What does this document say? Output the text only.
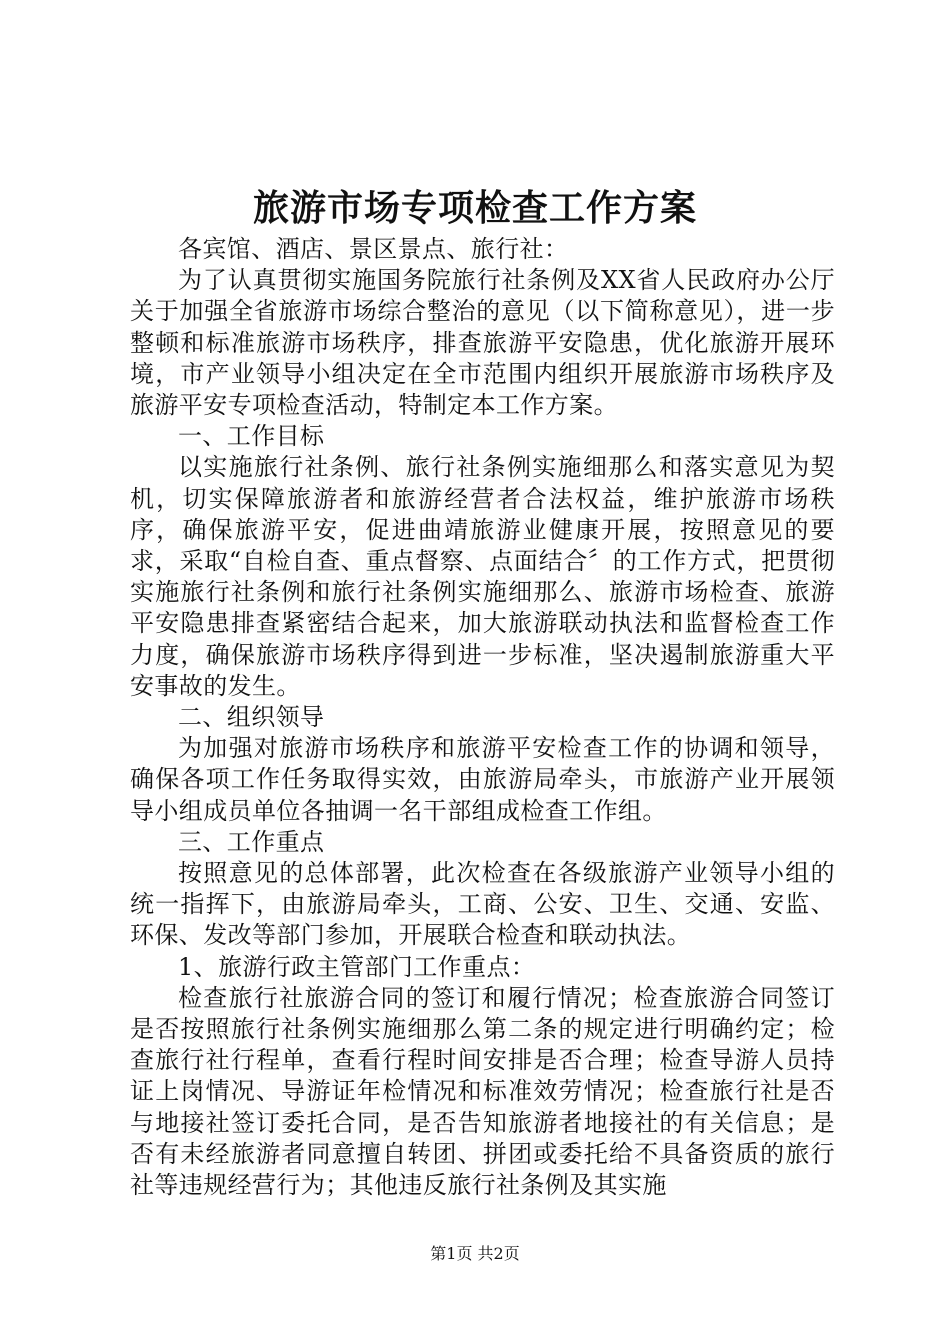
旅游市场专项检查工作方案

各宾馆、酒店、景区景点、旅行社：

为了认真贯彻实施国务院旅行社条例及XX省人民政府办公厅关于加强全省旅游市场综合整治的意见（以下简称意见），进一步整顿和标准旅游市场秩序，排查旅游平安隐患，优化旅游开展环境，市产业领导小组决定在全市范围内组织开展旅游市场秩序及旅游平安专项检查活动，特制定本工作方案。

一、工作目标

以实施旅行社条例、旅行社条例实施细那么和落实意见为契机，切实保障旅游者和旅游经营者合法权益，维护旅游市场秩序，确保旅游平安，促进曲靖旅游业健康开展，按照意见的要求，采取“自检自查、重点督察、点面结合〞的工作方式，把贯彻实施旅行社条例和旅行社条例实施细那么、旅游市场检查、旅游平安隐患排查紧密结合起来，加大旅游联动执法和监督检查工作力度，确保旅游市场秩序得到进一步标准，坚决遏制旅游重大平安事故的发生。

二、组织领导

为加强对旅游市场秩序和旅游平安检查工作的协调和领导，确保各项工作任务取得实效，由旅游局牵头，市旅游产业开展领导小组成员单位各抽调一名干部组成检查工作组。

三、工作重点

按照意见的总体部署，此次检查在各级旅游产业领导小组的统一指挥下，由旅游局牵头，工商、公安、卫生、交通、安监、环保、发改等部门参加，开展联合检查和联动执法。

1、旅游行政主管部门工作重点：

检查旅行社旅游合同的签订和履行情况；检查旅游合同签订是否按照旅行社条例实施细那么第二条的规定进行明确约定；检查旅行社行程单，查看行程时间安排是否合理；检查导游人员持证上岗情况、导游证年检情况和标准效劳情况；检查旅行社是否与地接社签订委托合同，是否告知旅游者地接社的有关信息；是否有未经旅游者同意擅自转团、拼团或委托给不具备资质的旅行社等违规经营行为；其他违反旅行社条例及其实施

第1页 共2页
